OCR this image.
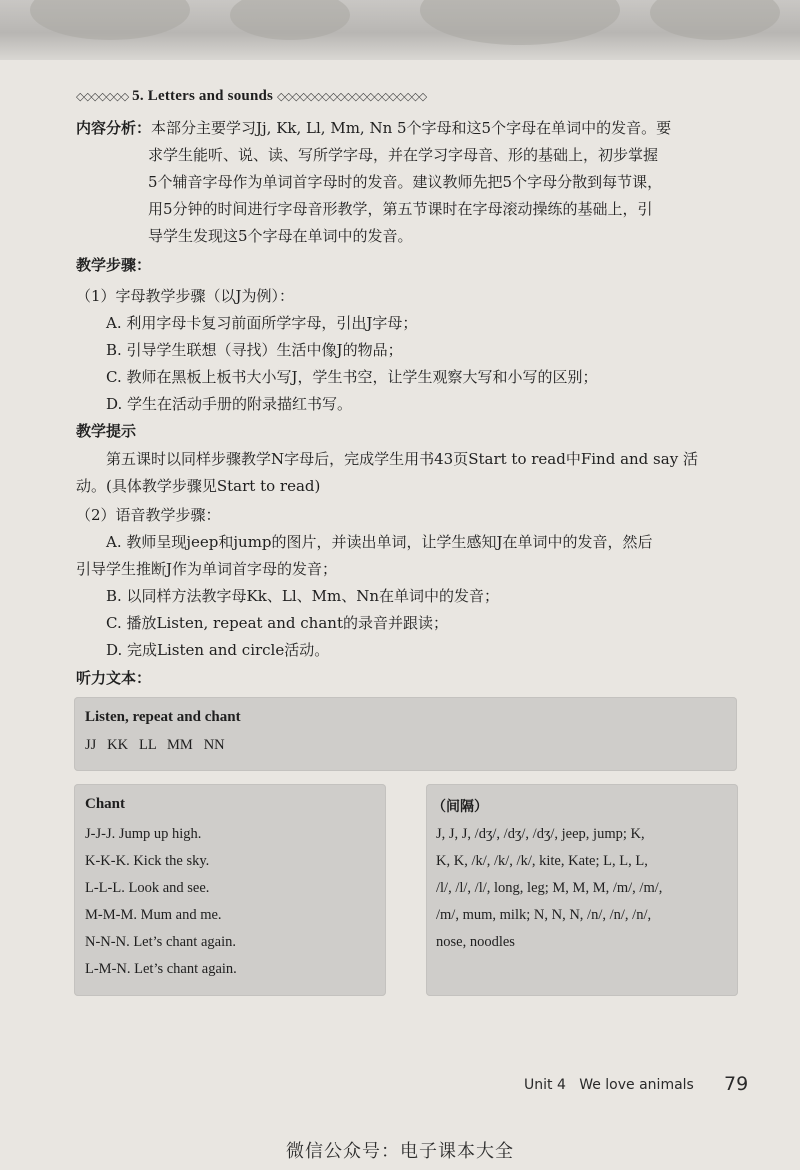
◇◇◇◇◇◇◇ 5. Letters and sounds ◇◇◇◇◇◇◇◇◇◇◇◇◇◇◇◇◇◇◇◇
内容分析：本部分主要学习Jj, Kk, Ll, Mm, Nn 5个字母和这5个字母在单词中的发音。要
求学生能听、说、读、写所学字母，并在学习字母音、形的基础上，初步掌握
5个辅音字母作为单词首字母时的发音。建议教师先把5个字母分散到每节课，
用5分钟的时间进行字母音形教学，第五节课时在字母滚动操练的基础上，引
导学生发现这5个字母在单词中的发音。
教学步骤：
（1）字母教学步骤（以J为例）：
A. 利用字母卡复习前面所学字母，引出J字母；
B. 引导学生联想（寻找）生活中像J的物品；
C. 教师在黑板上板书大小写J，学生书空，让学生观察大写和小写的区别；
D. 学生在活动手册的附录描红书写。
教学提示
第五课时以同样步骤教学N字母后，完成学生用书43页Start to read中Find and say 活
动。(具体教学步骤见Start to read)
（2）语音教学步骤：
A. 教师呈现jeep和jump的图片，并读出单词，让学生感知J在单词中的发音，然后
引导学生推断J作为单词首字母的发音；
B. 以同样方法教字母Kk、Ll、Mm、Nn在单词中的发音；
C. 播放Listen, repeat and chant的录音并跟读；
D. 完成Listen and circle活动。
听力文本：
Listen, repeat and chant
JJ   KK   LL   MM   NN
Chant
J-J-J. Jump up high.
K-K-K. Kick the sky.
L-L-L. Look and see.
M-M-M. Mum and me.
N-N-N. Let’s chant again.
L-M-N. Let’s chant again.
（间隔）
J, J, J, /dʒ/, /dʒ/, /dʒ/, jeep, jump; K,
K, K, /k/, /k/, /k/, kite, Kate; L, L, L,
/l/, /l/, /l/, long, leg; M, M, M, /m/, /m/,
/m/, mum, milk; N, N, N, /n/, /n/, /n/,
nose, noodles
Unit 4   We love animals 79
微信公众号：电子课本大全
